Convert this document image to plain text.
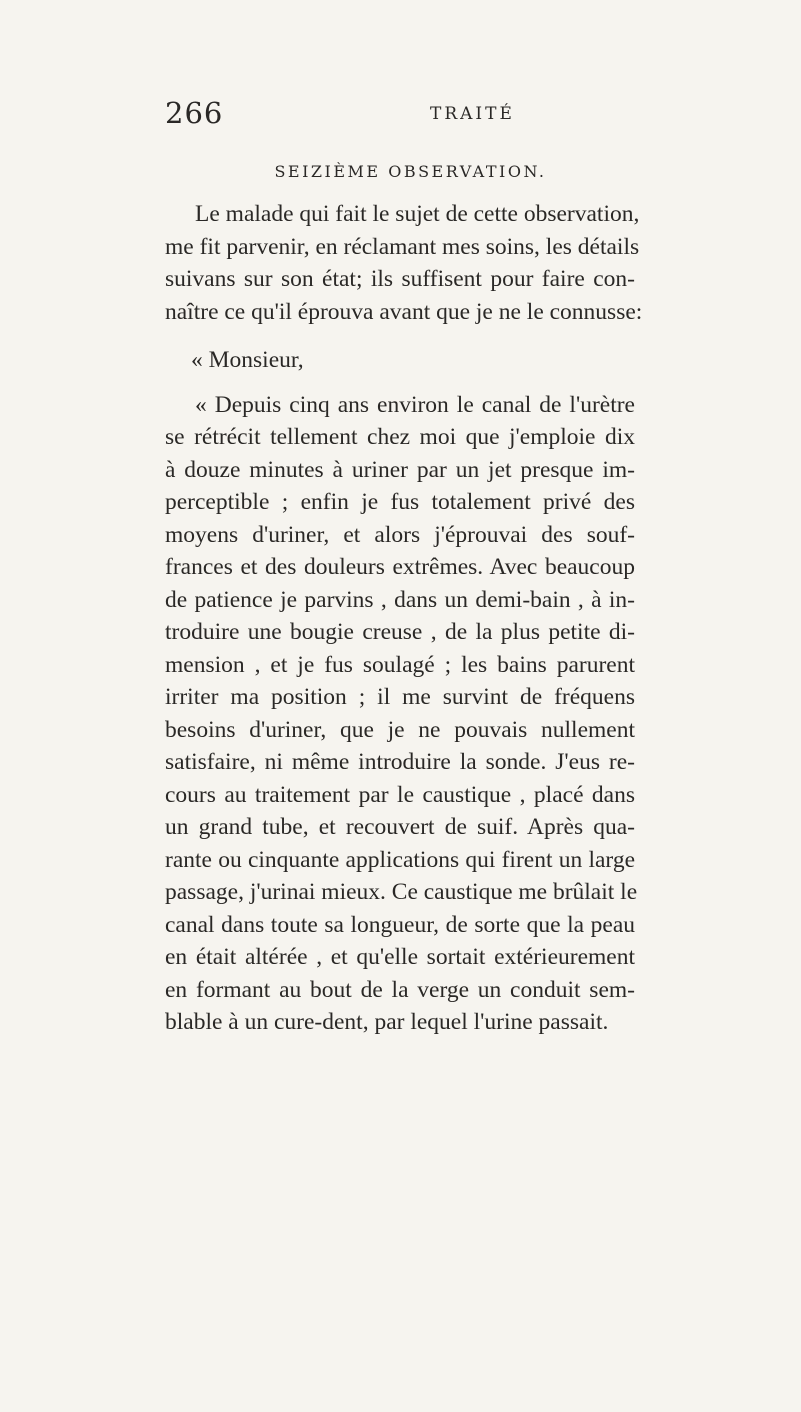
266	TRAITÉ
SEIZIÈME OBSERVATION.
Le malade qui fait le sujet de cette observation,
me fit parvenir, en réclamant mes soins, les détails
suivans sur son état; ils suffisent pour faire con-
naître ce qu'il éprouva avant que je ne le connusse:
« Monsieur,
« Depuis cinq ans environ le canal de l'urètre
se rétrécit tellement chez moi que j'emploie dix
à douze minutes à uriner par un jet presque im-
perceptible ; enfin je fus totalement privé des
moyens d'uriner, et alors j'éprouvai des souf-
frances et des douleurs extrêmes. Avec beaucoup
de patience je parvins , dans un demi-bain , à in-
troduire une bougie creuse , de la plus petite di-
mension , et je fus soulagé ; les bains parurent
irriter ma position ; il me survint de fréquens
besoins d'uriner, que je ne pouvais nullement
satisfaire, ni même introduire la sonde. J'eus re-
cours au traitement par le caustique , placé dans
un grand tube, et recouvert de suif. Après qua-
rante ou cinquante applications qui firent un large
passage, j'urinai mieux. Ce caustique me brûlait le
canal dans toute sa longueur, de sorte que la peau
en était altérée , et qu'elle sortait extérieurement
en formant au bout de la verge un conduit sem-
blable à un cure-dent, par lequel l'urine passait.
